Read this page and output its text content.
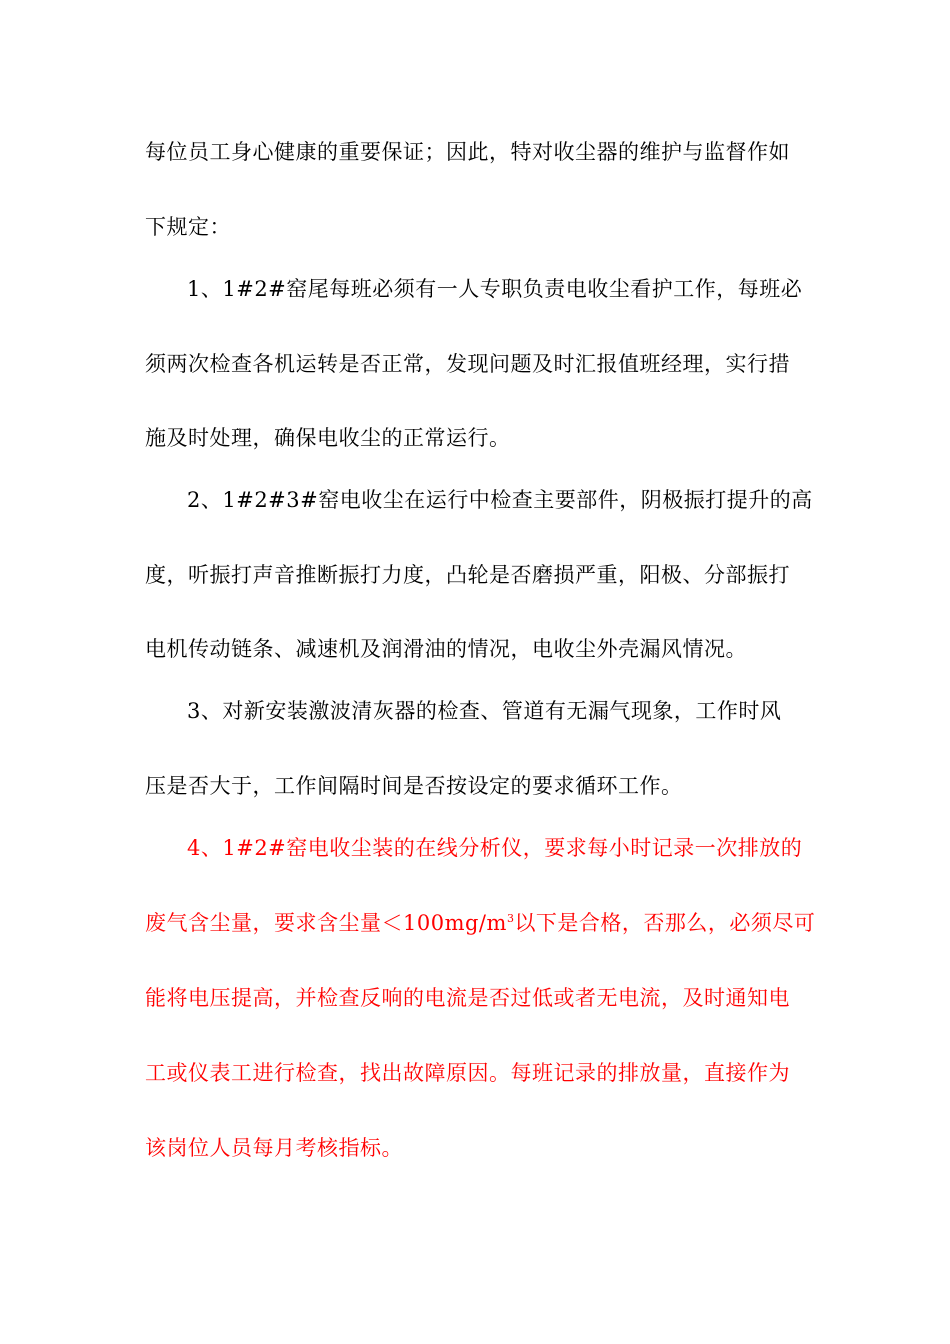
每位员工身心健康的重要保证；因此，特对收尘器的维护与监督作如
下规定：
1、1#2#窑尾每班必须有一人专职负责电收尘看护工作，每班必
须两次检查各机运转是否正常，发现问题及时汇报值班经理，实行措
施及时处理，确保电收尘的正常运行。
2、1#2#3#窑电收尘在运行中检查主要部件，阴极振打提升的高
度，听振打声音推断振打力度，凸轮是否磨损严重，阳极、分部振打
电机传动链条、减速机及润滑油的情况，电收尘外壳漏风情况。
3、对新安装激波清灰器的检查、管道有无漏气现象，工作时风
压是否大于，工作间隔时间是否按设定的要求循环工作。
4、1#2#窑电收尘装的在线分析仪，要求每小时记录一次排放的
废气含尘量，要求含尘量$<100mg/m^3$以下是合格，否那么，必须尽可
能将电压提高，并检查反响的电流是否过低或者无电流，及时通知电
工或仪表工进行检查，找出故障原因。每班记录的排放量，直接作为
该岗位人员每月考核指标。
